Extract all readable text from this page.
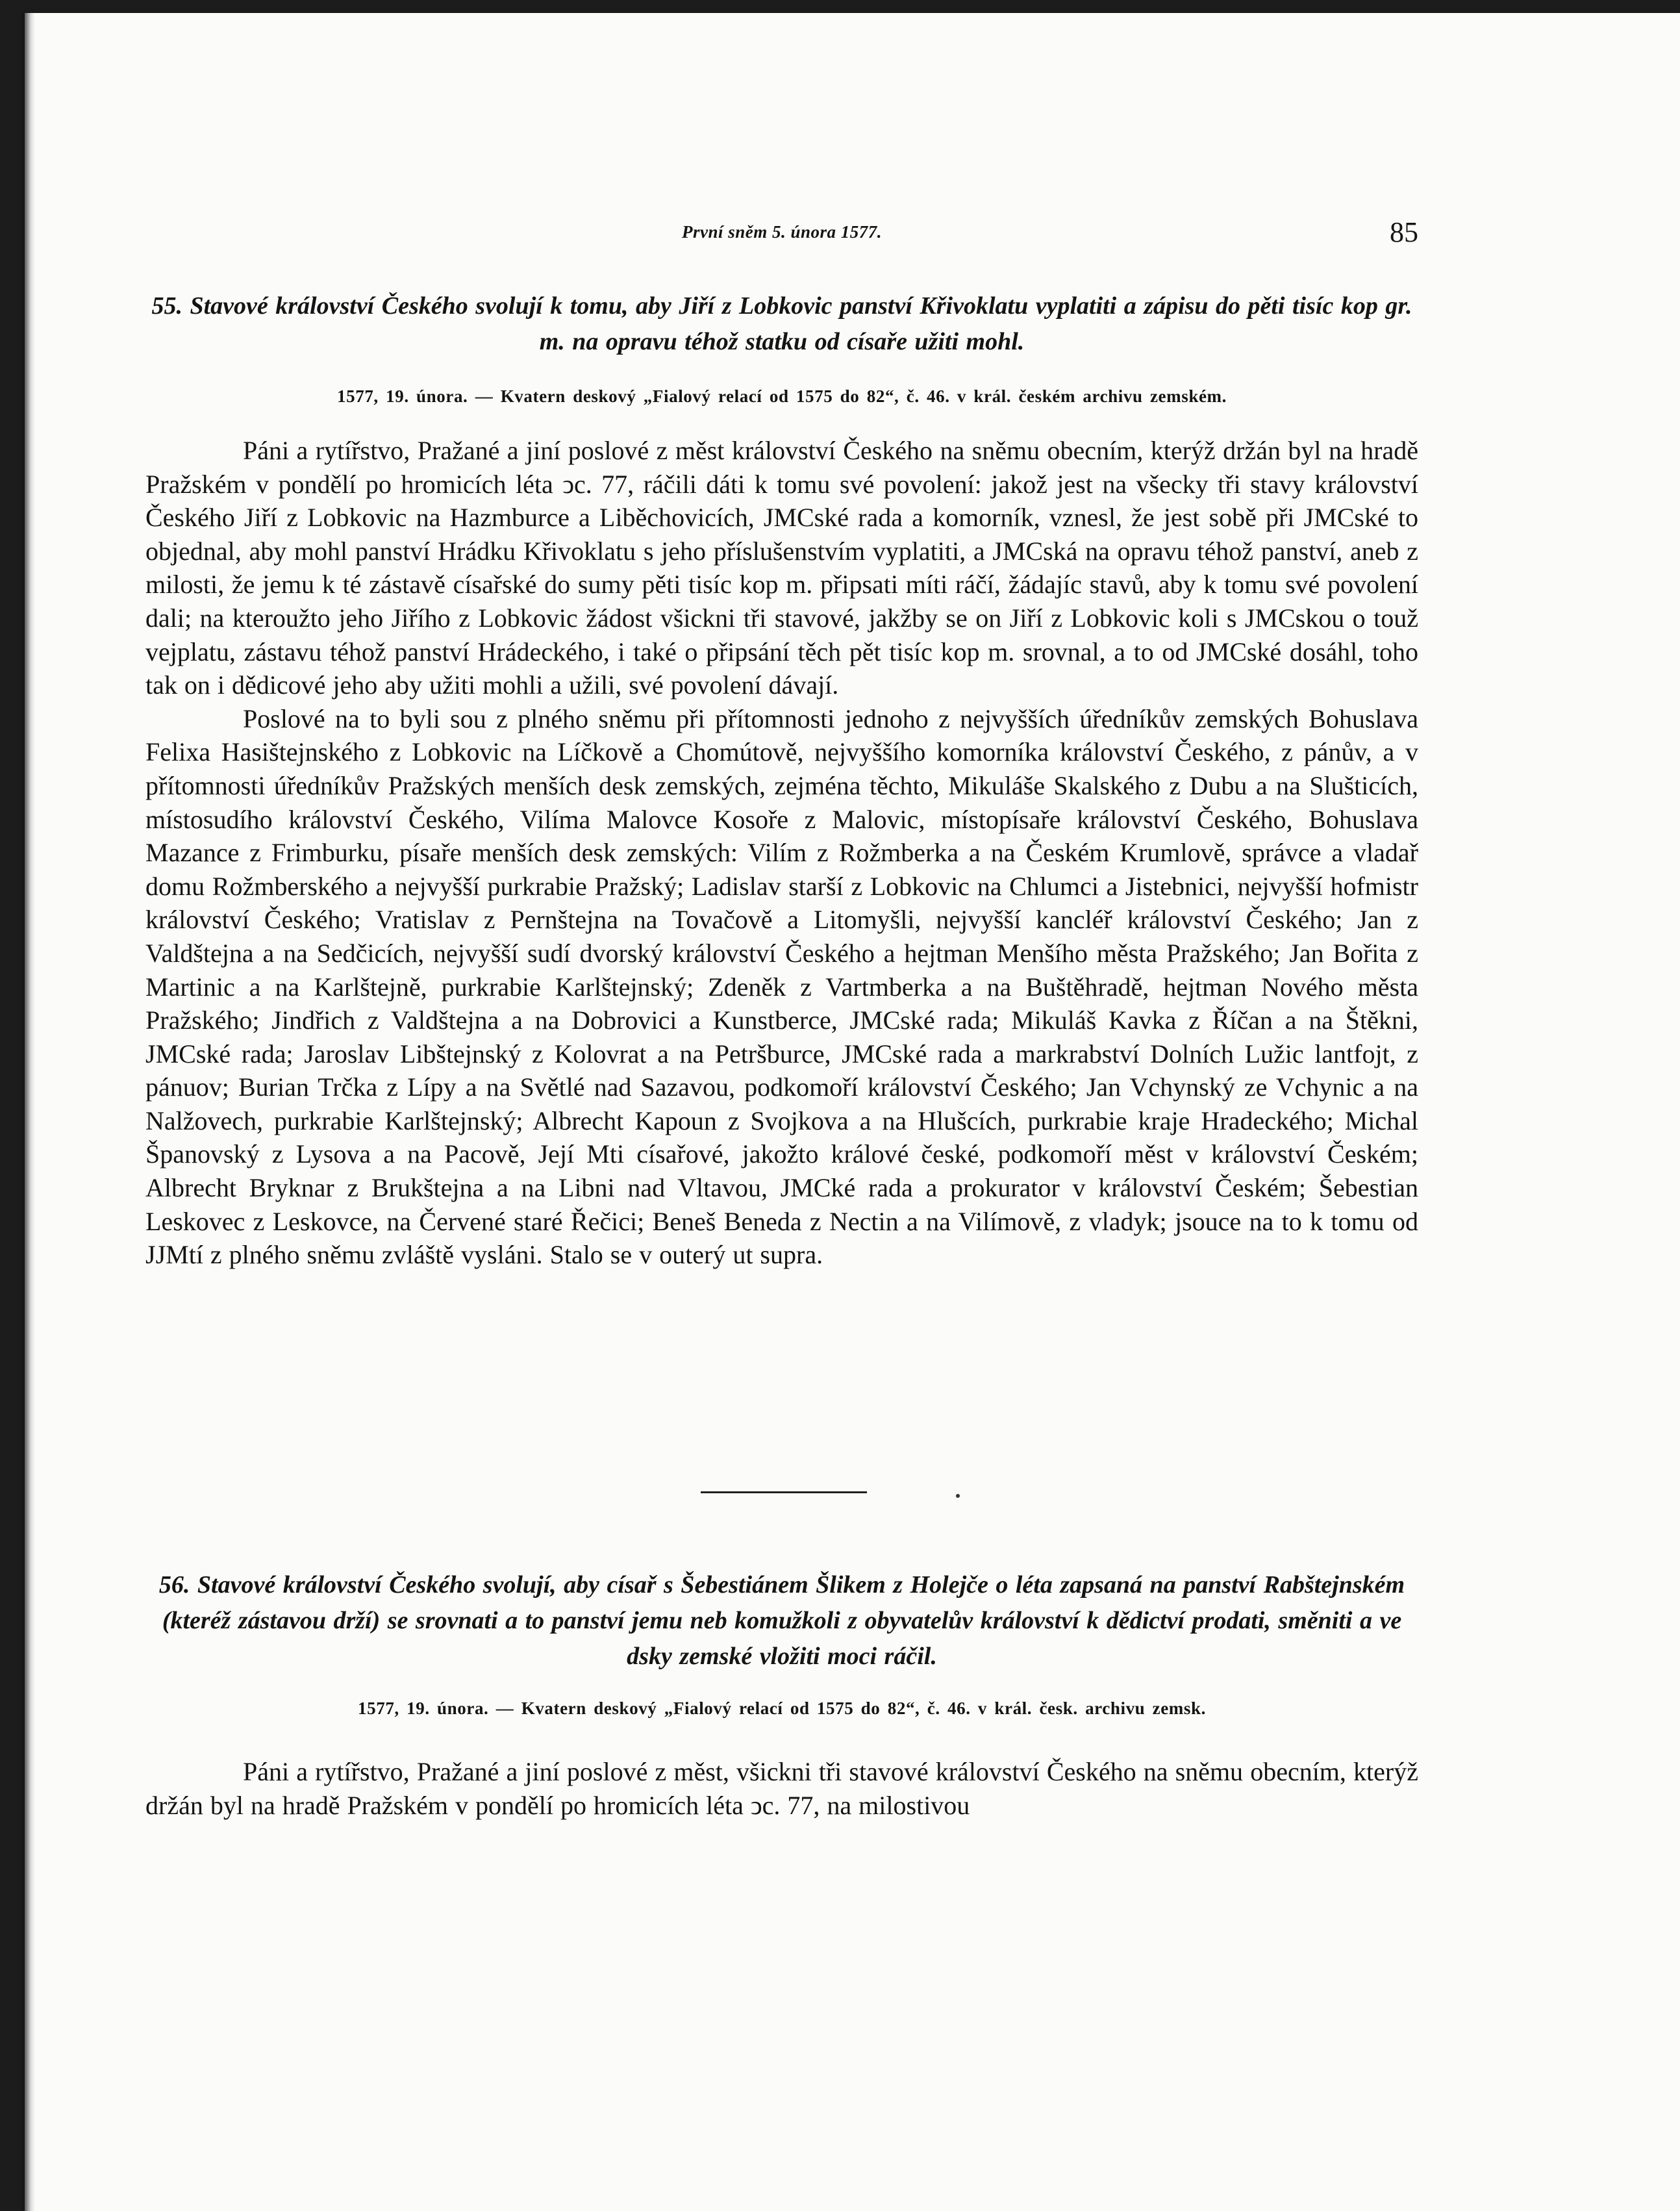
První sněm 5. února 1577.	85

55. Stavové království Českého svolují k tomu, aby Jiří z Lobkovic panství Křivoklatu vyplatiti a zápisu do pěti tisíc kop gr. m. na opravu téhož statku od císaře užiti mohl.

1577, 19. února. — Kvatern deskový „Fialový relací od 1575 do 82“, č. 46. v král. českém archivu zemském.

Páni a rytířstvo, Pražané a jiní poslové z měst království Českého na sněmu obecním, kterýž držán byl na hradě Pražském v pondělí po hromicích léta ↄc. 77, ráčili dáti k tomu své povolení: jakož jest na všecky tři stavy království Českého Jiří z Lobkovic na Hazmburce a Liběchovicích, JMCské rada a komorník, vznesl, že jest sobě při JMCské to objednal, aby mohl panství Hrádku Křivoklatu s jeho příslušenstvím vyplatiti, a JMCská na opravu téhož panství, aneb z milosti, že jemu k té zástavě císařské do sumy pěti tisíc kop m. připsati míti ráčí, žádajíc stavů, aby k tomu své povolení dali; na kteroužto jeho Jiřího z Lobkovic žádost všickni tři stavové, jakžby se on Jiří z Lobkovic koli s JMCskou o touž vejplatu, zástavu téhož panství Hrádeckého, i také o připsání těch pět tisíc kop m. srovnal, a to od JMCské dosáhl, toho tak on i dědicové jeho aby užiti mohli a užili, své povolení dávají.

Poslové na to byli sou z plného sněmu při přítomnosti jednoho z nejvyšších úředníkův zemských Bohuslava Felixa Hasištejnského z Lobkovic na Líčkově a Chomútově, nejvyššího komorníka království Českého, z pánův, a v přítomnosti úředníkův Pražských menších desk zemských, zejména těchto, Mikuláše Skalského z Dubu a na Slušticích, místosudího království Českého, Vilíma Malovce Kosoře z Malovic, místopísaře království Českého, Bohuslava Mazance z Frimburku, písaře menších desk zemských: Vilím z Rožmberka a na Českém Krumlově, správce a vladař domu Rožmberského a nejvyšší purkrabie Pražský; Ladislav starší z Lobkovic na Chlumci a Jistebnici, nejvyšší hofmistr království Českého; Vratislav z Pernštejna na Tovačově a Litomyšli, nejvyšší kancléř království Českého; Jan z Valdštejna a na Sedčicích, nejvyšší sudí dvorský království Českého a hejtman Menšího města Pražského; Jan Bořita z Martinic a na Karlštejně, purkrabie Karlštejnský; Zdeněk z Vartmberka a na Buštěhradě, hejtman Nového města Pražského; Jindřich z Valdštejna a na Dobrovici a Kunstberce, JMCské rada; Mikuláš Kavka z Říčan a na Štěkni, JMCské rada; Jaroslav Libštejnský z Kolovrat a na Petršburce, JMCské rada a markrabství Dolních Lužic lantfojt, z pánuov; Burian Trčka z Lípy a na Světlé nad Sazavou, podkomoří království Českého; Jan Vchynský ze Vchynic a na Nalžovech, purkrabie Karlštejnský; Albrecht Kapoun z Svojkova a na Hlušcích, purkrabie kraje Hradeckého; Michal Španovský z Lysova a na Pacově, Její Mti císařové, jakožto králové české, podkomoří měst v království Českém; Albrecht Bryknar z Brukštejna a na Libni nad Vltavou, JMCké rada a prokurator v království Českém; Šebestian Leskovec z Leskovce, na Červené staré Řečici; Beneš Beneda z Nectin a na Vilímově, z vladyk; jsouce na to k tomu od JJMtí z plného sněmu zvláště vysláni. Stalo se v outerý ut supra.

56. Stavové království Českého svolují, aby císař s Šebestiánem Šlikem z Holejče o léta zapsaná na panství Rabštejnském (kteréž zástavou drží) se srovnati a to panství jemu neb komužkoli z obyvatelův království k dědictví prodati, směniti a ve dsky zemské vložiti moci ráčil.

1577, 19. února. — Kvatern deskový „Fialový relací od 1575 do 82“, č. 46. v král. česk. archivu zemsk.

Páni a rytířstvo, Pražané a jiní poslové z měst, všickni tři stavové království Českého na sněmu obecním, kterýž držán byl na hradě Pražském v pondělí po hromicích léta ↄc. 77, na milostivou
